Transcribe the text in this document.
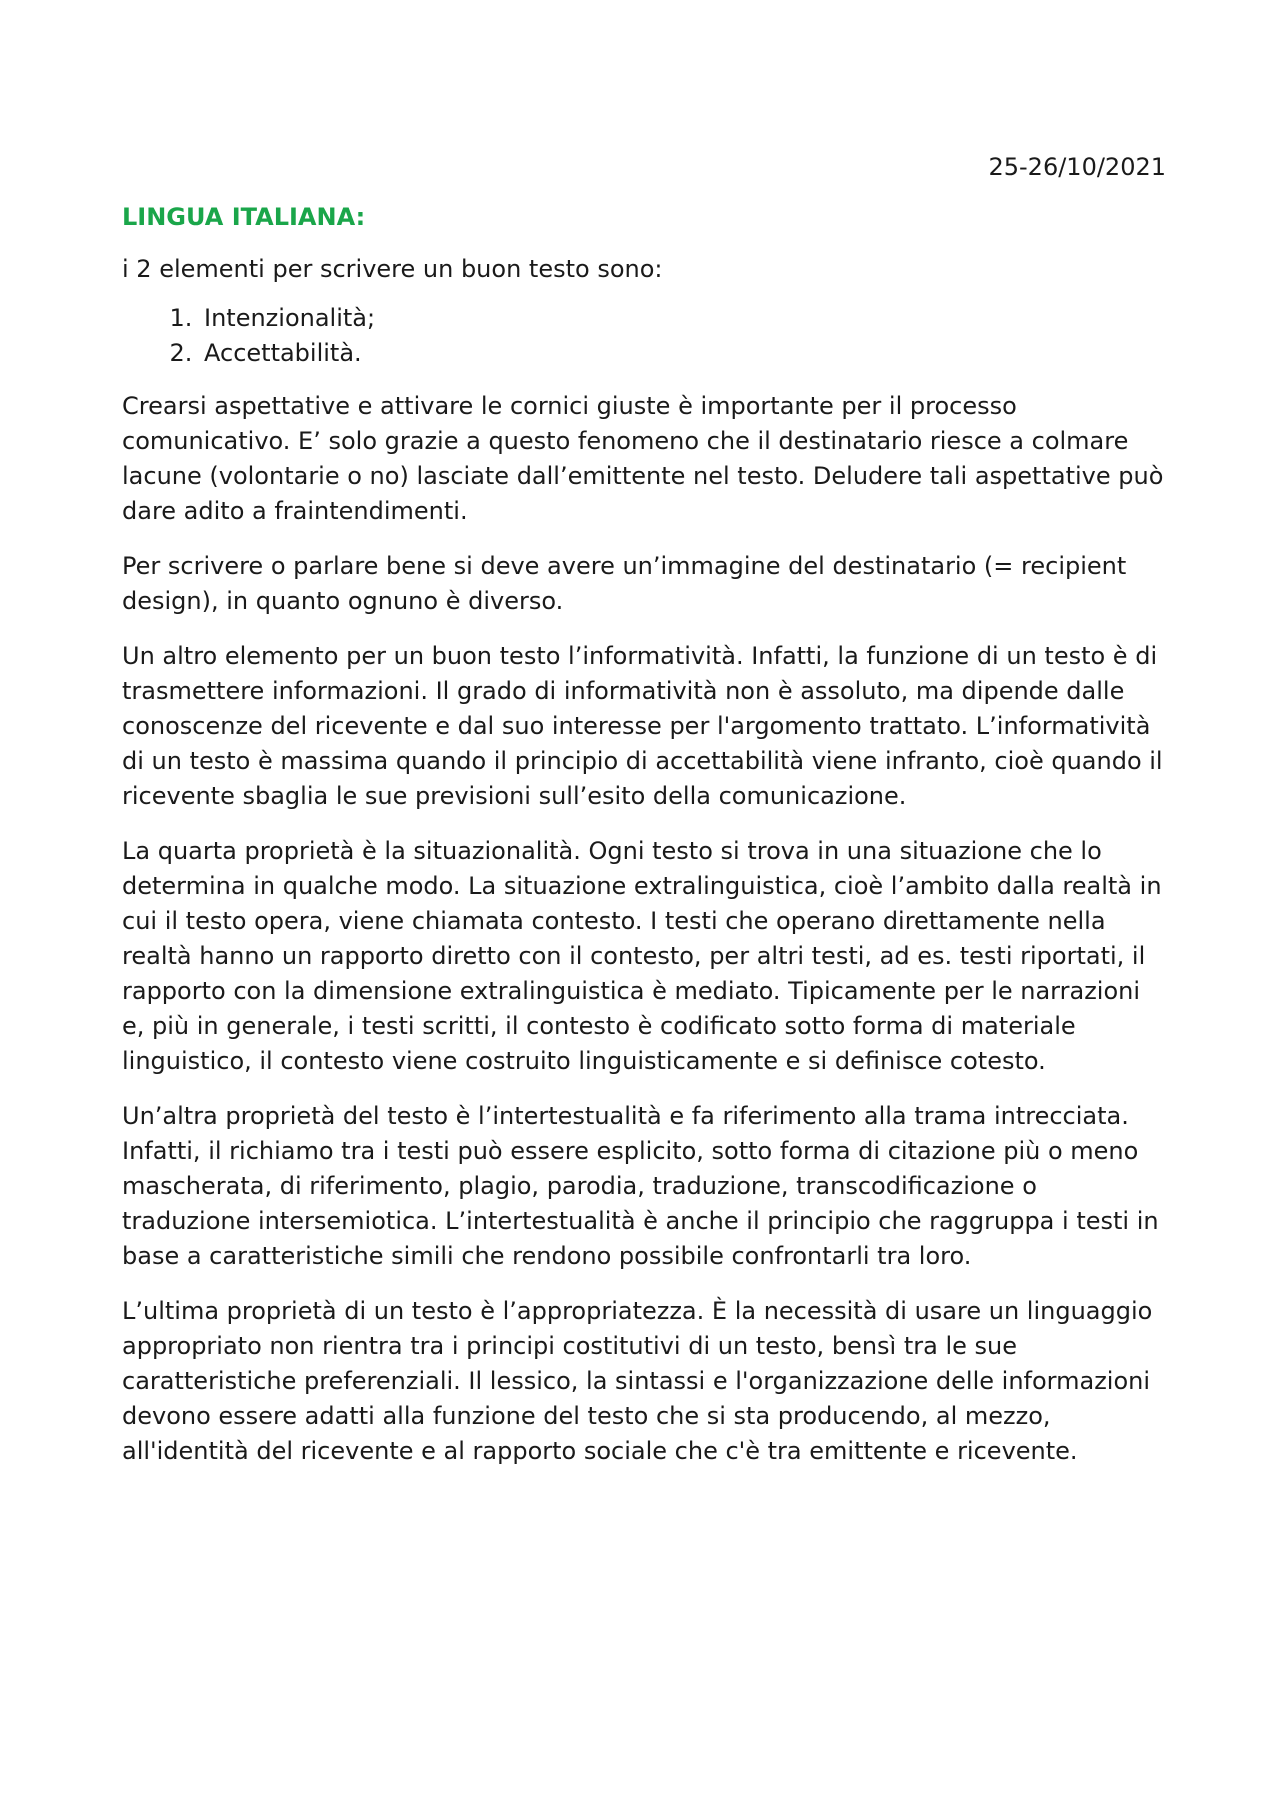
25-26/10/2021
LINGUA ITALIANA:

i 2 elementi per scrivere un buon testo sono:

1. Intenzionalità;
2. Accettabilità.

Crearsi aspettative e attivare le cornici giuste è importante per il processo comunicativo. E’ solo grazie a questo fenomeno che il destinatario riesce a colmare lacune (volontarie o no) lasciate dall’emittente nel testo. Deludere tali aspettative può dare adito a fraintendimenti.

Per scrivere o parlare bene si deve avere un’immagine del destinatario (= recipient design), in quanto ognuno è diverso.

Un altro elemento per un buon testo l’informatività. Infatti, la funzione di un testo è di trasmettere informazioni. Il grado di informatività non è assoluto, ma dipende dalle conoscenze del ricevente e dal suo interesse per l'argomento trattato. L’informatività di un testo è massima quando il principio di accettabilità viene infranto, cioè quando il ricevente sbaglia le sue previsioni sull’esito della comunicazione.

La quarta proprietà è la situazionalità. Ogni testo si trova in una situazione che lo determina in qualche modo. La situazione extralinguistica, cioè l’ambito dalla realtà in cui il testo opera, viene chiamata contesto. I testi che operano direttamente nella realtà hanno un rapporto diretto con il contesto, per altri testi, ad es. testi riportati, il rapporto con la dimensione extralinguistica è mediato. Tipicamente per le narrazioni e, più in generale, i testi scritti, il contesto è codificato sotto forma di materiale linguistico, il contesto viene costruito linguisticamente e si definisce cotesto.

Un’altra proprietà del testo è l’intertestualità e fa riferimento alla trama intrecciata. Infatti, il richiamo tra i testi può essere esplicito, sotto forma di citazione più o meno mascherata, di riferimento, plagio, parodia, traduzione, transcodificazione o traduzione intersemiotica. L’intertestualità è anche il principio che raggruppa i testi in base a caratteristiche simili che rendono possibile confrontarli tra loro.

L’ultima proprietà di un testo è l’appropriatezza. È la necessità di usare un linguaggio appropriato non rientra tra i principi costitutivi di un testo, bensì tra le sue caratteristiche preferenziali. Il lessico, la sintassi e l'organizzazione delle informazioni devono essere adatti alla funzione del testo che si sta producendo, al mezzo, all'identità del ricevente e al rapporto sociale che c'è tra emittente e ricevente.
